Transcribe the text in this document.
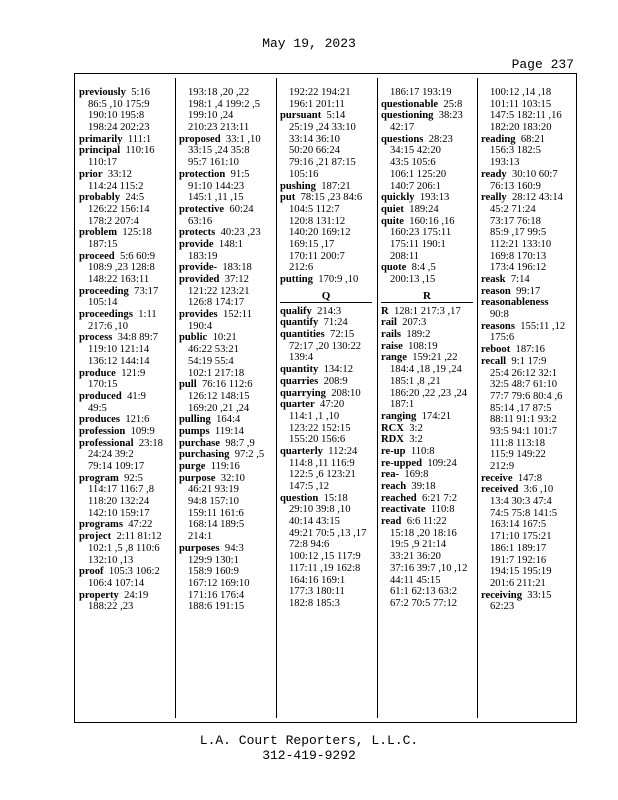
May 19, 2023
Page 237
previously 5:16
86:5 ,10 175:9
190:10 195:8
198:24 202:23
primarily 111:1
principal 110:16
110:17
prior 33:12
114:24 115:2
probably 24:5
126:22 156:14
178:2 207:4
problem 125:18
187:15
proceed 5:6 60:9
108:9 ,23 128:8
148:22 163:11
proceeding 73:17
105:14
proceedings 1:11
217:6 ,10
process 34:8 89:7
119:10 121:14
136:12 144:14
produce 121:9
170:15
produced 41:9
49:5
produces 121:6
profession 109:9
professional 23:18
24:24 39:2
79:14 109:17
program 92:5
114:17 116:7 ,8
118:20 132:24
142:10 159:17
programs 47:22
project 2:11 81:12
102:1 ,5 ,8 110:6
132:10 ,13
proof 105:3 106:2
106:4 107:14
property 24:19
188:22 ,23
193:18 ,20 ,22
198:1 ,4 199:2 ,5
199:10 ,24
210:23 213:11
proposed 33:1 ,10
33:15 ,24 35:8
95:7 161:10
protection 91:5
91:10 144:23
145:1 ,11 ,15
protective 60:24
63:16
protects 40:23 ,23
provide 148:1
183:19
provide- 183:18
provided 37:12
121:22 123:21
126:8 174:17
provides 152:11
190:4
public 10:21
46:22 53:21
54:19 55:4
102:1 217:18
pull 76:16 112:6
126:12 148:15
169:20 ,21 ,24
pulling 164:4
pumps 119:14
purchase 98:7 ,9
purchasing 97:2 ,5
purge 119:16
purpose 32:10
46:21 93:19
94:8 157:10
159:11 161:6
168:14 189:5
214:1
purposes 94:3
129:9 130:1
158:9 160:9
167:12 169:10
171:16 176:4
188:6 191:15
192:22 194:21
196:1 201:11
pursuant 5:14
25:19 ,24 33:10
33:14 36:10
50:20 66:24
79:16 ,21 87:15
105:16
pushing 187:21
put 78:15 ,23 84:6
104:5 112:7
120:8 131:12
140:20 169:12
169:15 ,17
170:11 200:7
212:6
putting 170:9 ,10
Q
qualify 214:3
quantify 71:24
quantities 72:15
72:17 ,20 130:22
139:4
quantity 134:12
quarries 208:9
quarrying 208:10
quarter 47:20
114:1 ,1 ,10
123:22 152:15
155:20 156:6
quarterly 112:24
114:8 ,11 116:9
122:5 ,6 123:21
147:5 ,12
question 15:18
29:10 39:8 ,10
40:14 43:15
49:21 70:5 ,13 ,17
72:8 94:6
100:12 ,15 117:9
117:11 ,19 162:8
164:16 169:1
177:3 180:11
182:8 185:3
186:17 193:19
questionable 25:8
questioning 38:23
42:17
questions 28:23
34:15 42:20
43:5 105:6
106:1 125:20
140:7 206:1
quickly 193:13
quiet 189:24
quite 160:16 ,16
160:23 175:11
175:11 190:1
208:11
quote 8:4 ,5
200:13 ,15
R
R 128:1 217:3 ,17
rail 207:3
rails 189:2
raise 108:19
range 159:21 ,22
184:4 ,18 ,19 ,24
185:1 ,8 ,21
186:20 ,22 ,23 ,24
187:1
ranging 174:21
RCX 3:2
RDX 3:2
re-up 110:8
re-upped 109:24
rea- 169:8
reach 39:18
reached 6:21 7:2
reactivate 110:8
read 6:6 11:22
15:18 ,20 18:16
19:5 ,9 21:14
33:21 36:20
37:16 39:7 ,10 ,12
44:11 45:15
61:1 62:13 63:2
67:2 70:5 77:12
100:12 ,14 ,18
101:11 103:15
147:5 182:11 ,16
182:20 183:20
reading 68:21
156:3 182:5
193:13
ready 30:10 60:7
76:13 160:9
really 28:12 43:14
45:2 71:24
73:17 76:18
85:9 ,17 99:5
112:21 133:10
169:8 170:13
173:4 196:12
reask 7:14
reason 99:17
reasonableness
90:8
reasons 155:11 ,12
175:6
reboot 187:16
recall 9:1 17:9
25:4 26:12 32:1
32:5 48:7 61:10
77:7 79:6 80:4 ,6
85:14 ,17 87:5
88:11 91:1 93:2
93:5 94:1 101:7
111:8 113:18
115:9 149:22
212:9
receive 147:8
received 3:6 ,10
13:4 30:3 47:4
74:5 75:8 141:5
163:14 167:5
171:10 175:21
186:1 189:17
191:7 192:16
194:15 195:19
201:6 211:21
receiving 33:15
62:23
L.A. Court Reporters, L.L.C.
312-419-9292
